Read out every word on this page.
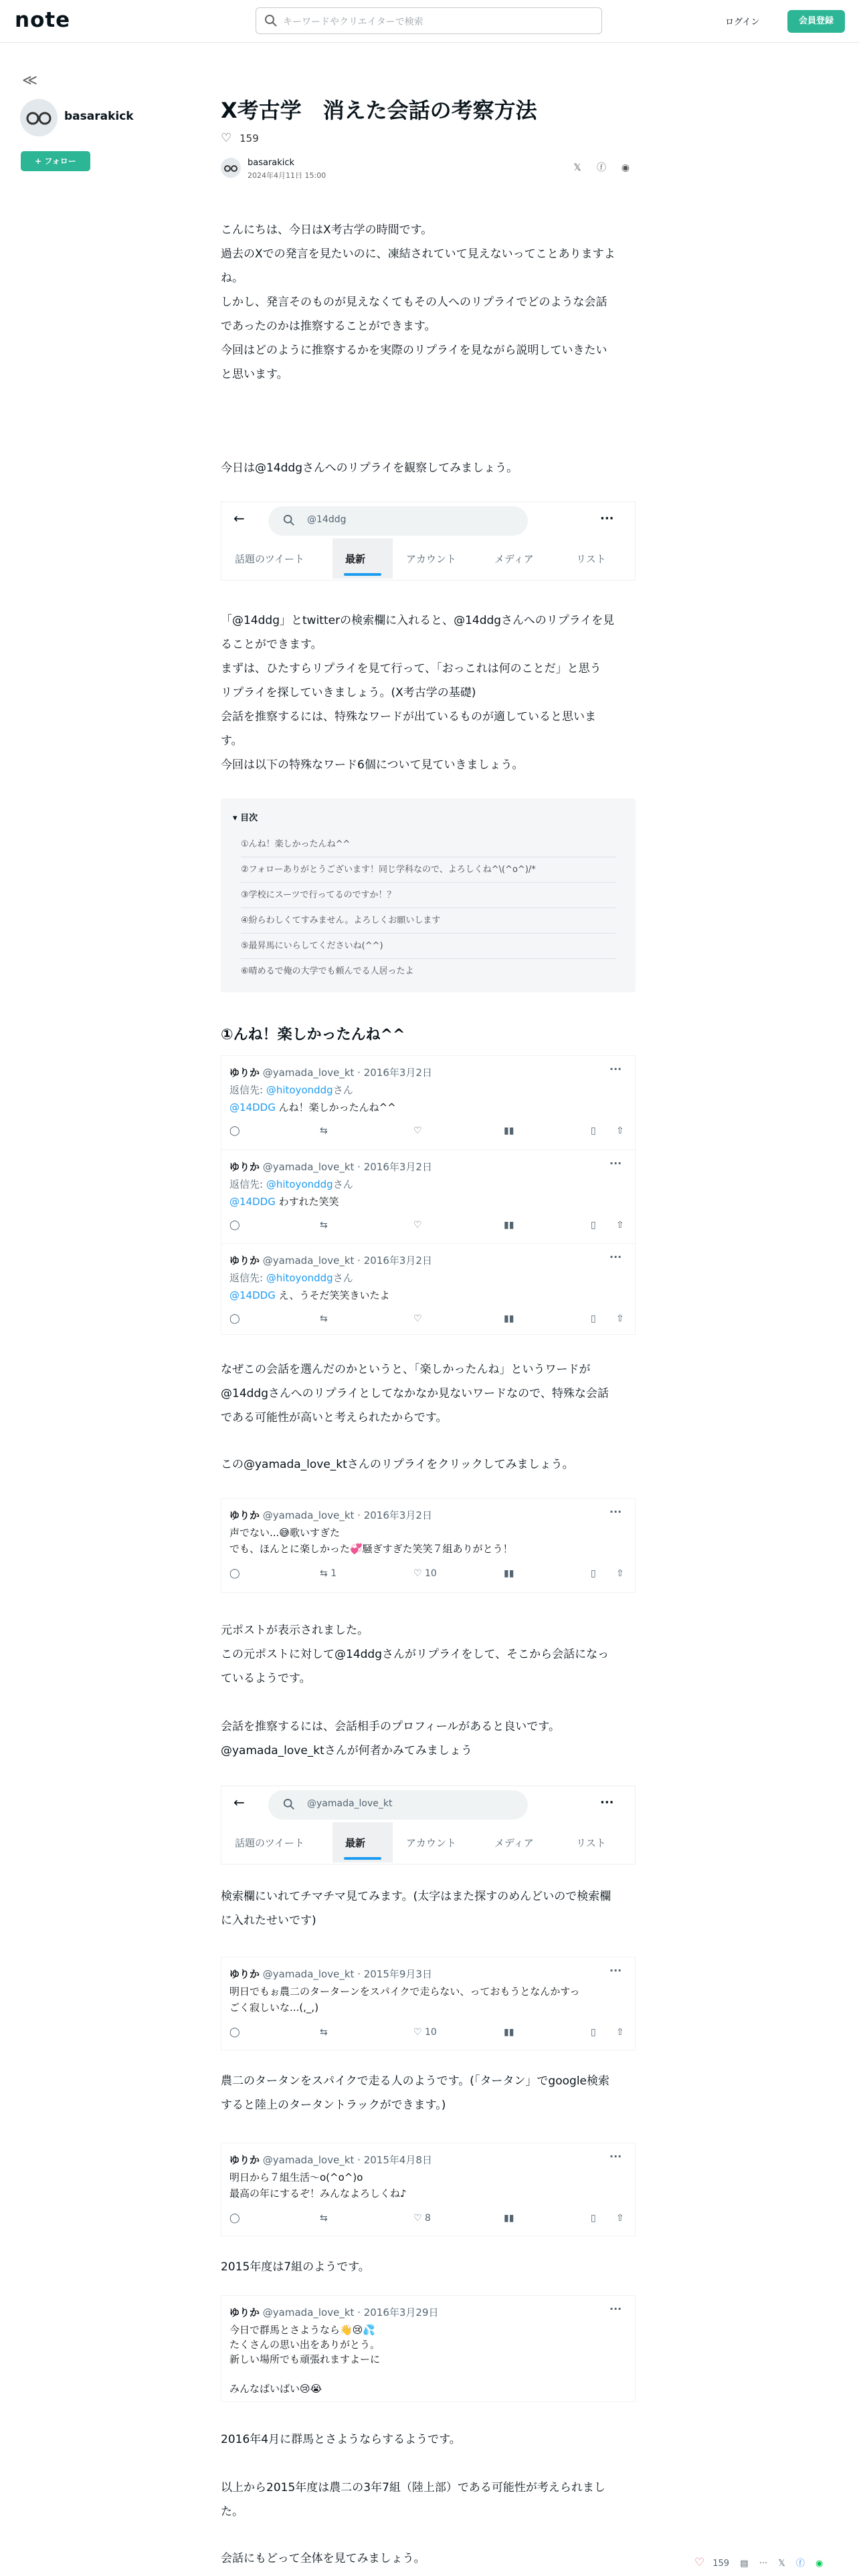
note	キーワードやクリエイターで検索	ログイン	会員登録
≪
basarakick
+ フォロー
X考古学　消えた会話の考察方法
♡ 159
basarakick
2024年4月11日 15:00
𝕏 ⓕ ◉
こんにちは、今日はX考古学の時間です。
過去のXでの発言を見たいのに、凍結されていて見えないってことありますよ
ね。
しかし、発言そのものが見えなくてもその人へのリプライでどのような会話
であったのかは推察することができます。
今回はどのように推察するかを実際のリプライを見ながら説明していきたい
と思います。
今日は@14ddgさんへのリプライを観察してみましょう。
←	@14ddg	···
話題のツイート	最新	アカウント	メディア	リスト
「@14ddg」とtwitterの検索欄に入れると、@14ddgさんへのリプライを見
ることができます。
まずは、ひたすらリプライを見て行って、「おっこれは何のことだ」と思う
リプライを探していきましょう。(X考古学の基礎)
会話を推察するには、特殊なワードが出ているものが適していると思いま
す。
今回は以下の特殊なワード6個について見ていきましょう。
▾ 目次
①んね！楽しかったんね^^
②フォローありがとうございます！同じ学科なので、よろしくね^\(^o^)/*
③学校にスーツで行ってるのですか！？
④紛らわしくてすみません。よろしくお願いします
⑤最昇馬にいらしてくださいね(^^)
⑥晴めるで俺の大学でも頼んでる人居ったよ
①んね！楽しかったんね^^
ゆりか @yamada_love_kt · 2016年3月2日	···
返信先: @hitoyonddgさん
@14DDG んね！楽しかったんね^^
◯	⇆	♡	▮▮	▯ ⇧
ゆりか @yamada_love_kt · 2016年3月2日	···
返信先: @hitoyonddgさん
@14DDG わすれた笑笑
◯	⇆	♡	▮▮	▯ ⇧
ゆりか @yamada_love_kt · 2016年3月2日	···
返信先: @hitoyonddgさん
@14DDG え、うそだ笑笑きいたよ
◯	⇆	♡	▮▮	▯ ⇧
なぜこの会話を選んだのかというと、「楽しかったんね」というワードが
@14ddgさんへのリプライとしてなかなか見ないワードなので、特殊な会話
である可能性が高いと考えられたからです。
この@yamada_love_ktさんのリプライをクリックしてみましょう。
ゆりか @yamada_love_kt · 2016年3月2日	···
声でない...😅歌いすぎた
でも、ほんとに楽しかった💞騒ぎすぎた笑笑７組ありがとう！
◯	⇆ 1	♡ 10	▮▮	▯ ⇧
元ポストが表示されました。
この元ポストに対して@14ddgさんがリプライをして、そこから会話になっ
ているようです。
会話を推察するには、会話相手のプロフィールがあると良いです。
@yamada_love_ktさんが何者かみてみましょう
←	@yamada_love_kt	···
話題のツイート	最新	アカウント	メディア	リスト
検索欄にいれてチマチマ見てみます。(太字はまた探すのめんどいので検索欄
に入れたせいです)
ゆりか @yamada_love_kt · 2015年9月3日	···
明日でもぉ農二のターターンをスパイクで走らない、っておもうとなんかすっ
ごく寂しいな...(,_,)
◯	⇆	♡ 10	▮▮	▯ ⇧
農二のタータンをスパイクで走る人のようです。(「タータン」でgoogle検索
すると陸上のタータントラックができます。)
ゆりか @yamada_love_kt · 2015年4月8日	···
明日から７組生活〜o(^o^)o
最高の年にするぞ！みんなよろしくね♪
◯	⇆	♡ 8	▮▮	▯ ⇧
2015年度は7組のようです。
ゆりか @yamada_love_kt · 2016年3月29日	···
今日で群馬とさようなら👋😢💦
たくさんの思い出をありがとう。
新しい場所でも頑張れますよーに
みんなばいばい😢😭
2016年4月に群馬とさようならするようです。
以上から2015年度は農二の3年7組（陸上部）である可能性が考えられまし
た。
会話にもどって全体を見てみましょう。	♡ 159 ▤ ··· 𝕏 ⓕ ◉
